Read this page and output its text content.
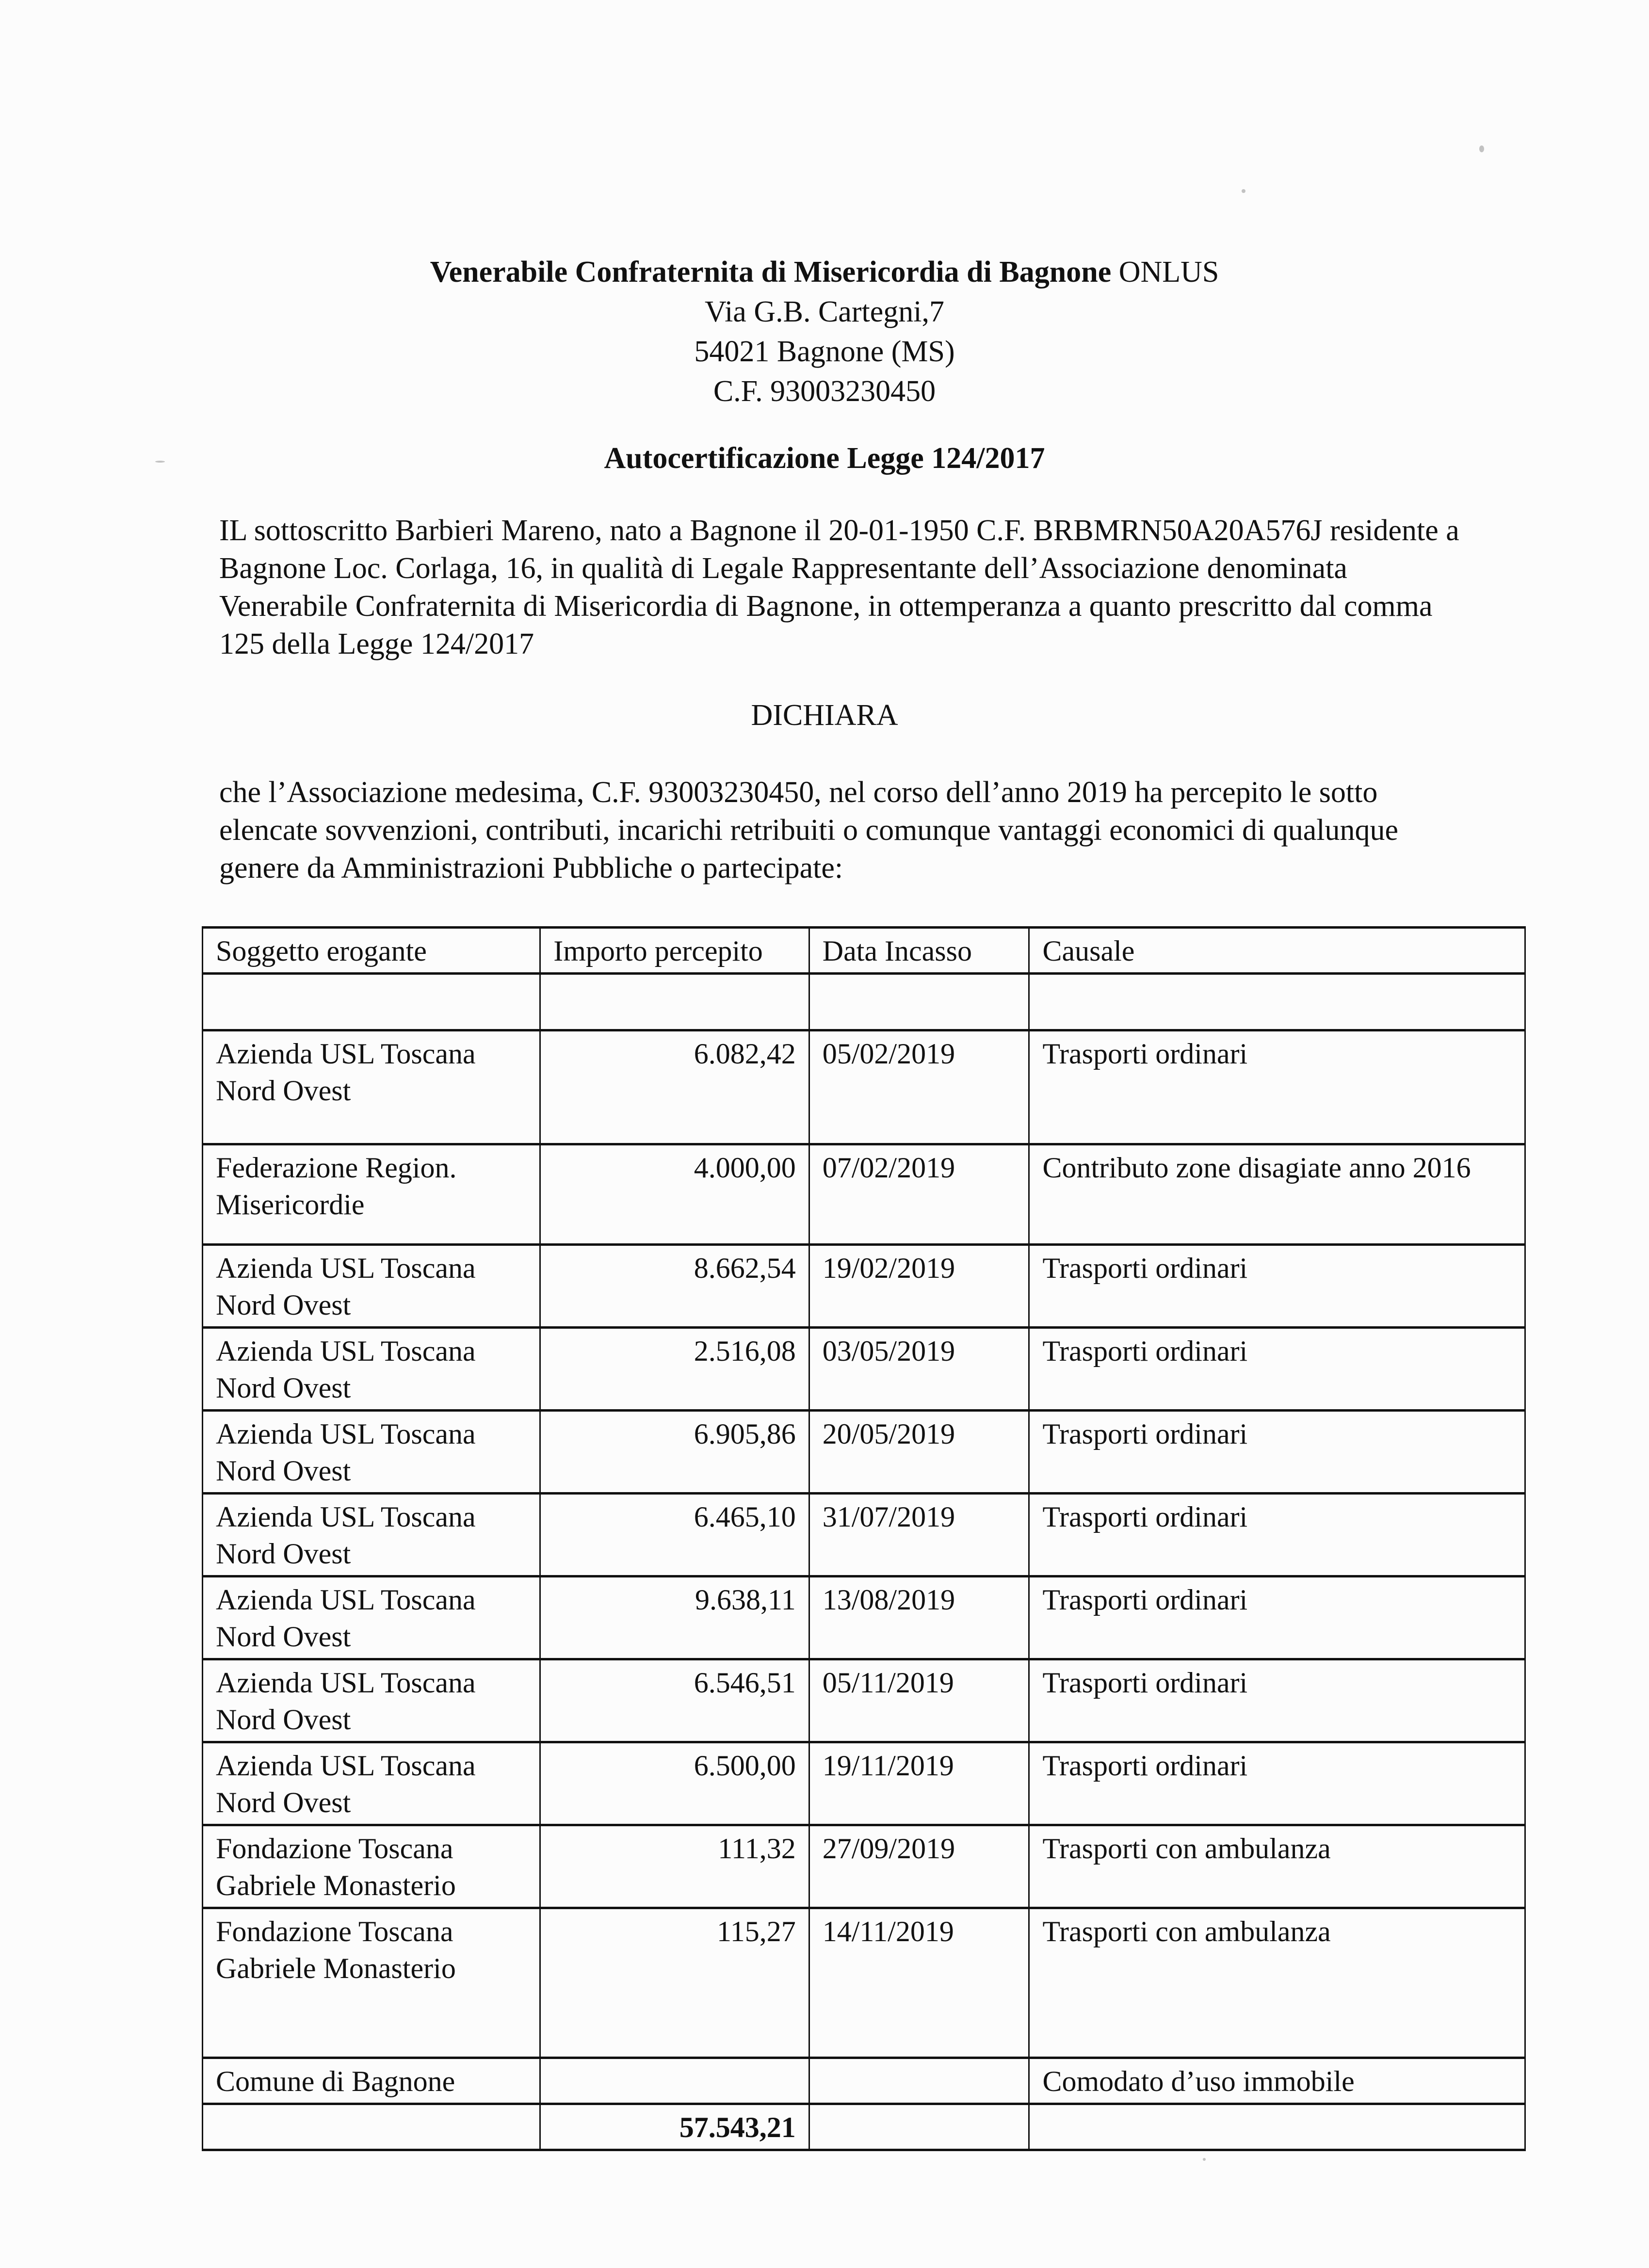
Venerabile Confraternita di Misericordia di Bagnone ONLUS
Via G.B. Cartegni,7
54021 Bagnone (MS)
C.F. 93003230450
Autocertificazione Legge 124/2017
IL sottoscritto Barbieri Mareno, nato a Bagnone il 20-01-1950 C.F. BRBMRN50A20A576J residente a Bagnone Loc. Corlaga, 16, in qualità di Legale Rappresentante dell’Associazione denominata Venerabile Confraternita di Misericordia di Bagnone, in ottemperanza a quanto prescritto dal comma 125 della Legge 124/2017
DICHIARA
che l’Associazione medesima, C.F. 93003230450, nel corso dell’anno 2019 ha percepito le sotto elencate sovvenzioni, contributi, incarichi retribuiti o comunque vantaggi economici di qualunque genere da Amministrazioni Pubbliche o partecipate:
Soggetto erogante	Importo percepito	Data Incasso	Causale

Azienda USL Toscana Nord Ovest	6.082,42	05/02/2019	Trasporti ordinari
Federazione Region. Misericordie	4.000,00	07/02/2019	Contributo zone disagiate anno 2016
Azienda USL Toscana Nord Ovest	8.662,54	19/02/2019	Trasporti ordinari
Azienda USL Toscana Nord Ovest	2.516,08	03/05/2019	Trasporti ordinari
Azienda USL Toscana Nord Ovest	6.905,86	20/05/2019	Trasporti ordinari
Azienda USL Toscana Nord Ovest	6.465,10	31/07/2019	Trasporti ordinari
Azienda USL Toscana Nord Ovest	9.638,11	13/08/2019	Trasporti ordinari
Azienda USL Toscana Nord Ovest	6.546,51	05/11/2019	Trasporti ordinari
Azienda USL Toscana Nord Ovest	6.500,00	19/11/2019	Trasporti ordinari
Fondazione Toscana Gabriele Monasterio	111,32	27/09/2019	Trasporti con ambulanza
Fondazione Toscana Gabriele Monasterio	115,27	14/11/2019	Trasporti con ambulanza
Comune di Bagnone			Comodato d’uso immobile
	57.543,21		
